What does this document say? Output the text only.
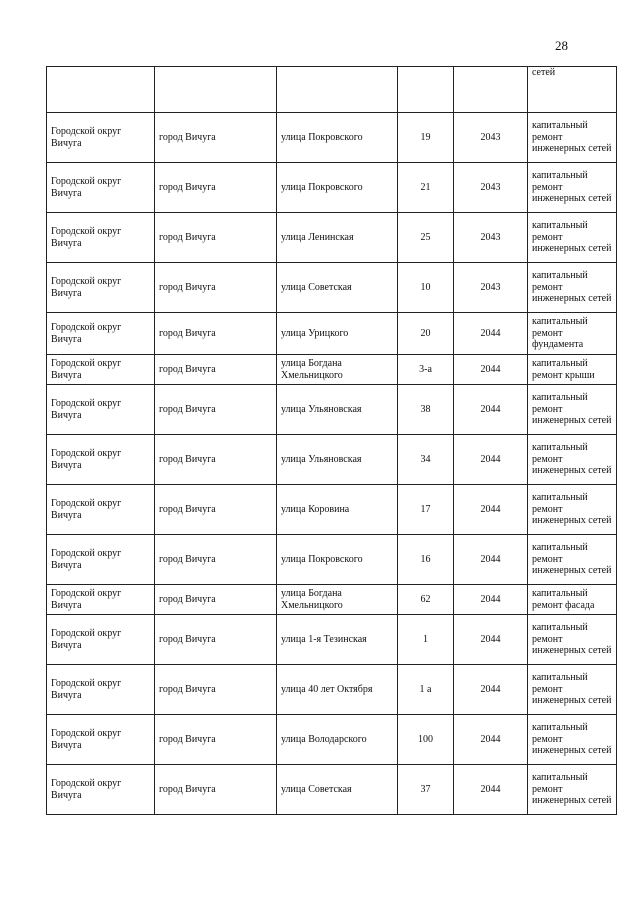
28
					сетей
Городской округ Вичуга	город Вичуга	улица Покровского	19	2043	капитальный ремонт инженерных сетей
Городской округ Вичуга	город Вичуга	улица Покровского	21	2043	капитальный ремонт инженерных сетей
Городской округ Вичуга	город Вичуга	улица Ленинская	25	2043	капитальный ремонт инженерных сетей
Городской округ Вичуга	город Вичуга	улица Советская	10	2043	капитальный ремонт инженерных сетей
Городской округ Вичуга	город Вичуга	улица Урицкого	20	2044	капитальный ремонт фундамента
Городской округ Вичуга	город Вичуга	улица Богдана Хмельницкого	3-а	2044	капитальный ремонт крыши
Городской округ Вичуга	город Вичуга	улица Ульяновская	38	2044	капитальный ремонт инженерных сетей
Городской округ Вичуга	город Вичуга	улица Ульяновская	34	2044	капитальный ремонт инженерных сетей
Городской округ Вичуга	город Вичуга	улица Коровина	17	2044	капитальный ремонт инженерных сетей
Городской округ Вичуга	город Вичуга	улица Покровского	16	2044	капитальный ремонт инженерных сетей
Городской округ Вичуга	город Вичуга	улица Богдана Хмельницкого	62	2044	капитальный ремонт фасада
Городской округ Вичуга	город Вичуга	улица 1-я Тезинская	1	2044	капитальный ремонт инженерных сетей
Городской округ Вичуга	город Вичуга	улица 40 лет Октября	1 а	2044	капитальный ремонт инженерных сетей
Городской округ Вичуга	город Вичуга	улица Володарского	100	2044	капитальный ремонт инженерных сетей
Городской округ Вичуга	город Вичуга	улица Советская	37	2044	капитальный ремонт инженерных сетей
